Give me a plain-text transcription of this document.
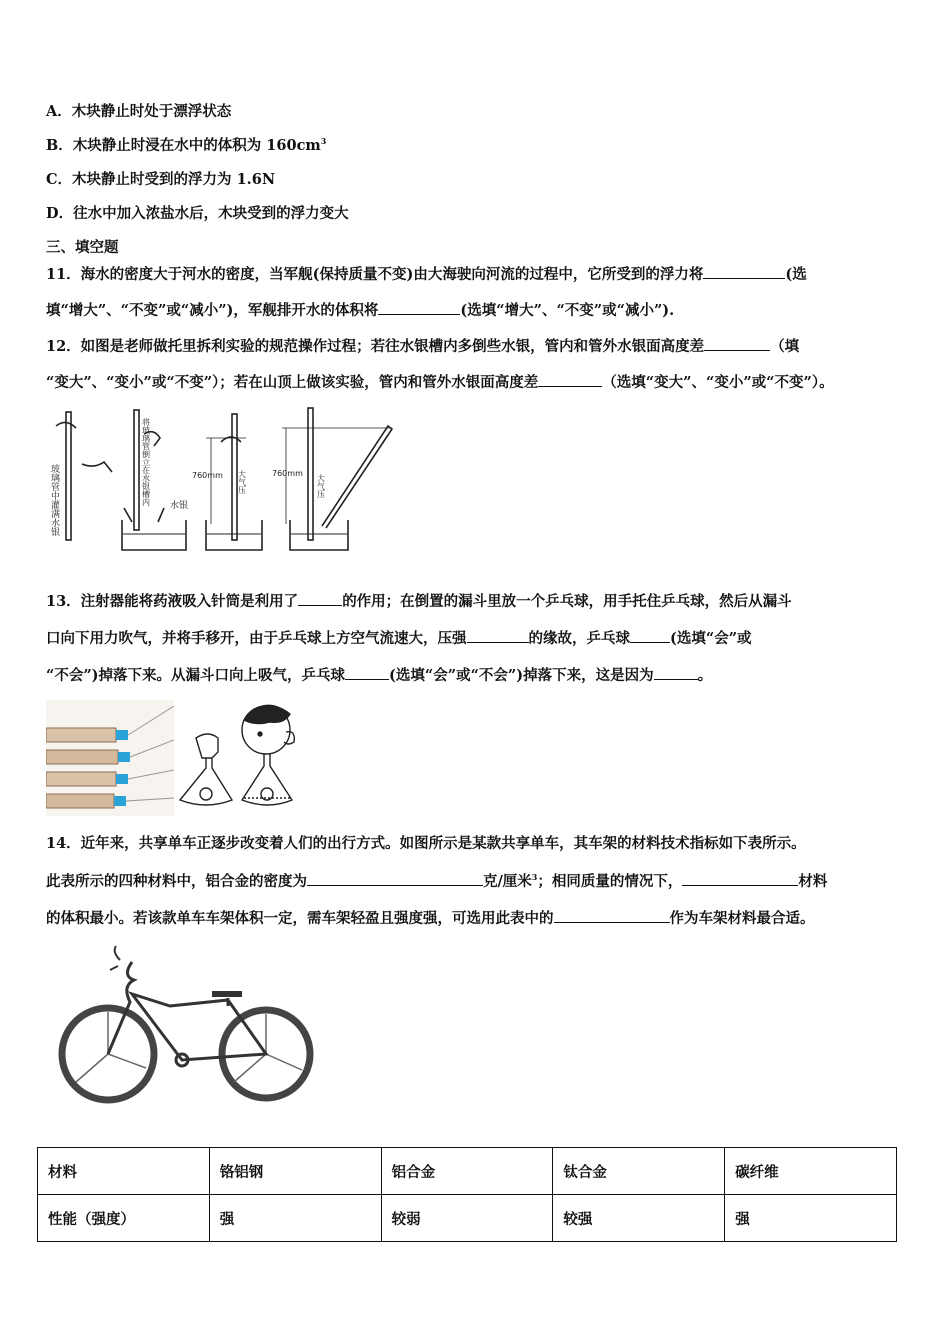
A．木块静止时处于漂浮状态
B．木块静止时浸在水中的体积为 $160cm^3$
C．木块静止时受到的浮力为 1.6N
D．往水中加入浓盐水后，木块受到的浮力变大
三、填空题
11．海水的密度大于河水的密度，当军舰(保持质量不变)由大海驶向河流的过程中，它所受到的浮力将	(选
填“增大”、“不变”或“减小”)，军舰排开水的体积将	(选填“增大”、“不变”或“减小”).
12．如图是老师做托里拆利实验的规范操作过程；若往水银槽内多倒些水银，管内和管外水银面高度差	（填
“变大”、“变小”或“不变”）；若在山顶上做该实验，管内和管外水银面高度差	（选填“变大”、“变小”或“不变”）。
玻璃管中灌满水银	将玻璃管倒立在水银槽内 水银
760mm	760mm
大气压	大气压
13．注射器能将药液吸入针筒是利用了	的作用；在倒置的漏斗里放一个乒乓球，用手托住乒乓球，然后从漏斗
口向下用力吹气，并将手移开，由于乒乓球上方空气流速大，压强	的缘故，乒乓球	(选填“会”或
“不会”)掉落下来。从漏斗口向上吸气，乒乓球	(选填“会”或“不会”)掉落下来，这是因为	。
14．近年来，共享单车正逐步改变着人们的出行方式。如图所示是某款共享单车，其车架的材料技术指标如下表所示。
此表所示的四种材料中，铝合金的密度为	克/厘米$^3$；相同质量的情况下，	材料
的体积最小。若该款单车车架体积一定，需车架轻盈且强度强，可选用此表中的	作为车架材料最合适。
材料	铬铝钢	铝合金	钛合金	碳纤维
性能（强度）	强	较弱	较强	强
